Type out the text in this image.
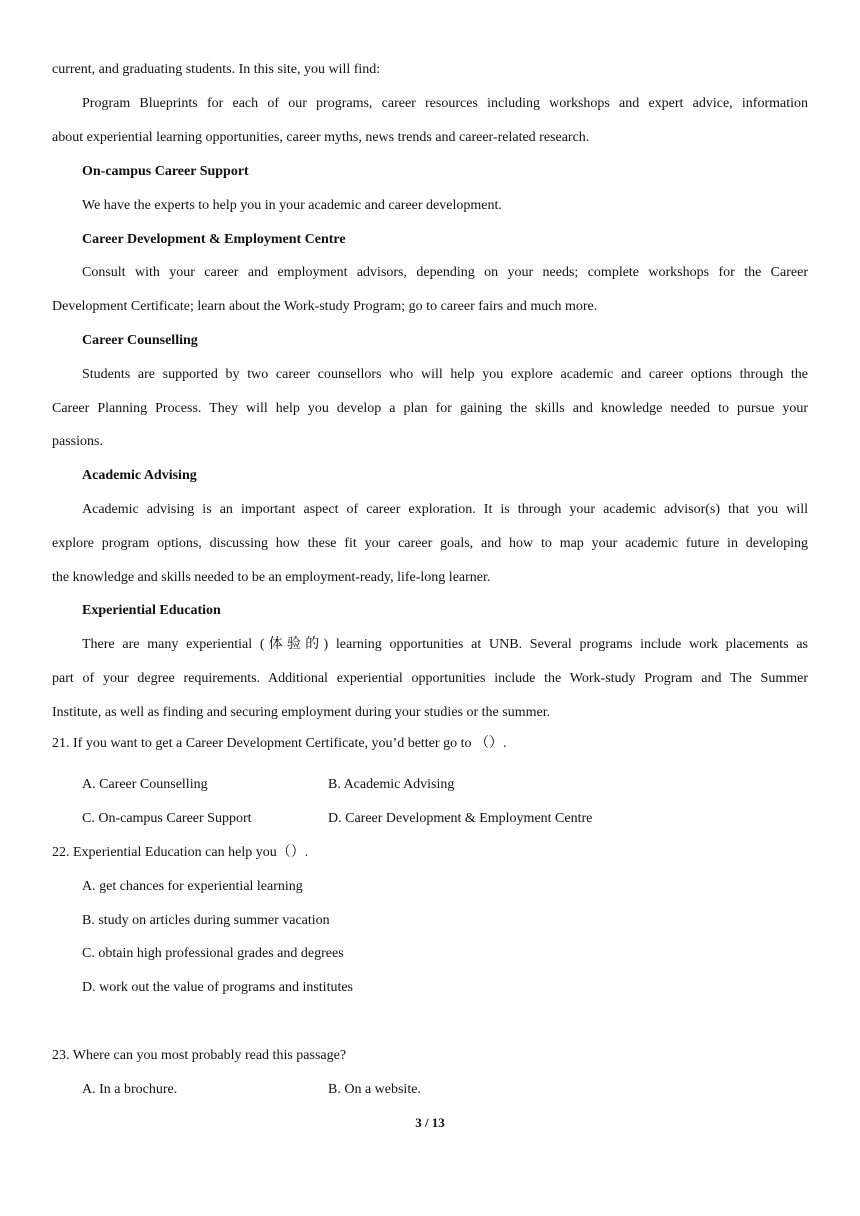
current, and graduating students. In this site, you will find:
Program Blueprints for each of our programs, career resources including workshops and expert advice, information
about experiential learning opportunities, career myths, news trends and career-related research.
On-campus Career Support
We have the experts to help you in your academic and career development.
Career Development & Employment Centre
Consult with your career and employment advisors, depending on your needs; complete workshops for the Career
Development Certificate; learn about the Work-study Program; go to career fairs and much more.
Career Counselling
Students are supported by two career counsellors who will help you explore academic and career options through the
Career Planning Process. They will help you develop a plan for gaining the skills and knowledge needed to pursue your
passions.
Academic Advising
Academic advising is an important aspect of career exploration. It is through your academic advisor(s) that you will
explore program options, discussing how these fit your career goals, and how to map your academic future in developing
the knowledge and skills needed to be an employment-ready, life-long learner.
Experiential Education
There are many experiential (体验的) learning opportunities at UNB. Several programs include work placements as
part of your degree requirements. Additional experiential opportunities include the Work-study Program and The Summer
Institute, as well as finding and securing employment during your studies or the summer.
21. If you want to get a Career Development Certificate, you’d better go to （）.
A. Career Counselling	B. Academic Advising
C. On-campus Career Support	D. Career Development & Employment Centre
22. Experiential Education can help you（）.
A. get chances for experiential learning
B. study on articles during summer vacation
C. obtain high professional grades and degrees
D. work out the value of programs and institutes
23. Where can you most probably read this passage?
A. In a brochure.	B. On a website.
3 / 13
